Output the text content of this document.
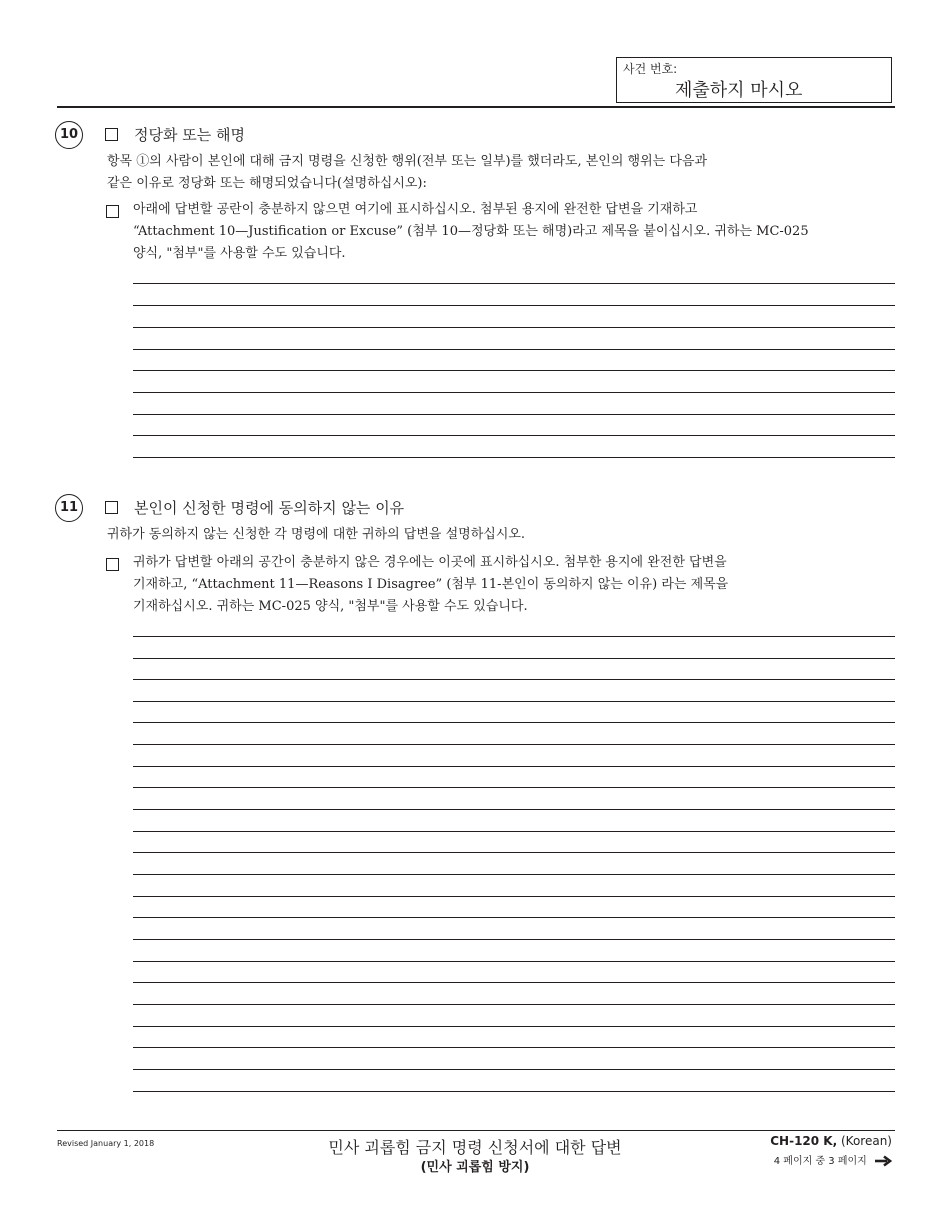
사건 번호:
제출하지 마시오
10	정당화 또는 해명
항목 ①의 사람이 본인에 대해 금지 명령을 신청한 행위(전부 또는 일부)를 했더라도, 본인의 행위는 다음과
같은 이유로 정당화 또는 해명되었습니다(설명하십시오):
아래에 답변할 공란이 충분하지 않으면 여기에 표시하십시오. 첨부된 용지에 완전한 답변을 기재하고
“Attachment 10—Justification or Excuse” (첨부 10—정당화 또는 해명)라고 제목을 붙이십시오. 귀하는 MC-025
양식, "첨부"를 사용할 수도 있습니다.
11	본인이 신청한 명령에 동의하지 않는 이유
귀하가 동의하지 않는 신청한 각 명령에 대한 귀하의 답변을 설명하십시오.
귀하가 답변할 아래의 공간이 충분하지 않은 경우에는 이곳에 표시하십시오. 첨부한 용지에 완전한 답변을
기재하고, “Attachment 11—Reasons I Disagree” (첨부 11-본인이 동의하지 않는 이유) 라는 제목을
기재하십시오. 귀하는 MC-025 양식, "첨부"를 사용할 수도 있습니다.
Revised January 1, 2018	민사 괴롭힘 금지 명령 신청서에 대한 답변
(민사 괴롭힘 방지)
CH-120 K, (Korean)
4 페이지 중 3 페이지
